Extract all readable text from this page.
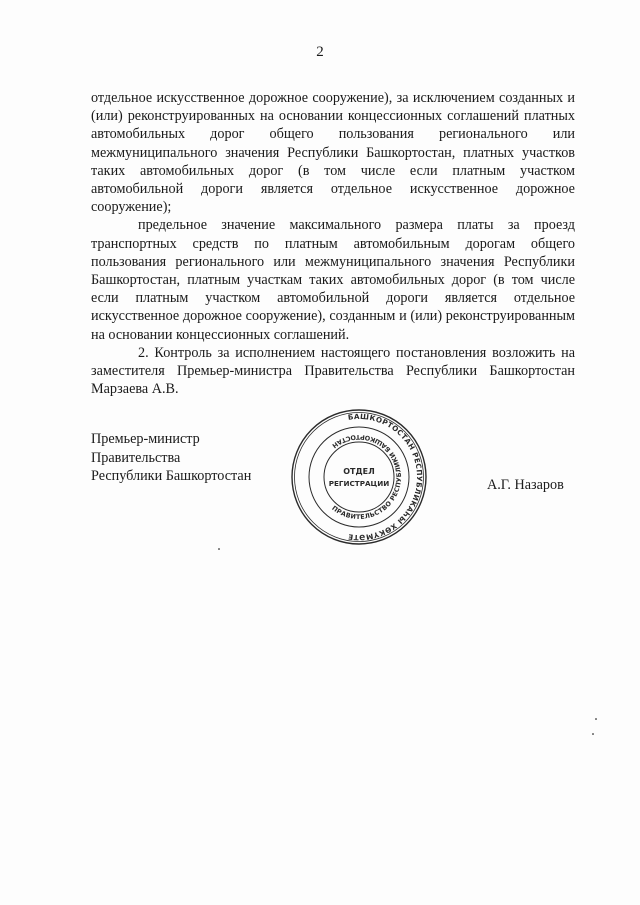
2

отдельное искусственное дорожное сооружение), за исключением созданных и (или) реконструированных на основании концессионных соглашений платных автомобильных дорог общего пользования регионального или межмуниципального значения Республики Башкортостан, платных участков таких автомобильных дорог (в том числе если платным участком автомобильной дороги является отдельное искусственное дорожное сооружение);

предельное значение максимального размера платы за проезд транспортных средств по платным автомобильным дорогам общего пользования регионального или межмуниципального значения Республики Башкортостан, платным участкам таких автомобильных дорог (в том числе если платным участком автомобильной дороги является отдельное искусственное дорожное сооружение), созданным и (или) реконструированным на основании концессионных соглашений.

2. Контроль за исполнением настоящего постановления возложить на заместителя Премьер-министра Правительства Республики Башкортостан Марзаева А.В.

Премьер-министр
Правительства
Республики Башкортостан
БАШКОРТОСТАН РЕСПУБЛИКАҺЫ ХӨКҮМӘТЕ
ПРАВИТЕЛЬСТВО РЕСПУБЛИКИ БАШКОРТОСТАН
ОТДЕЛ
РЕГИСТРАЦИИ	А.Г. Назаров
